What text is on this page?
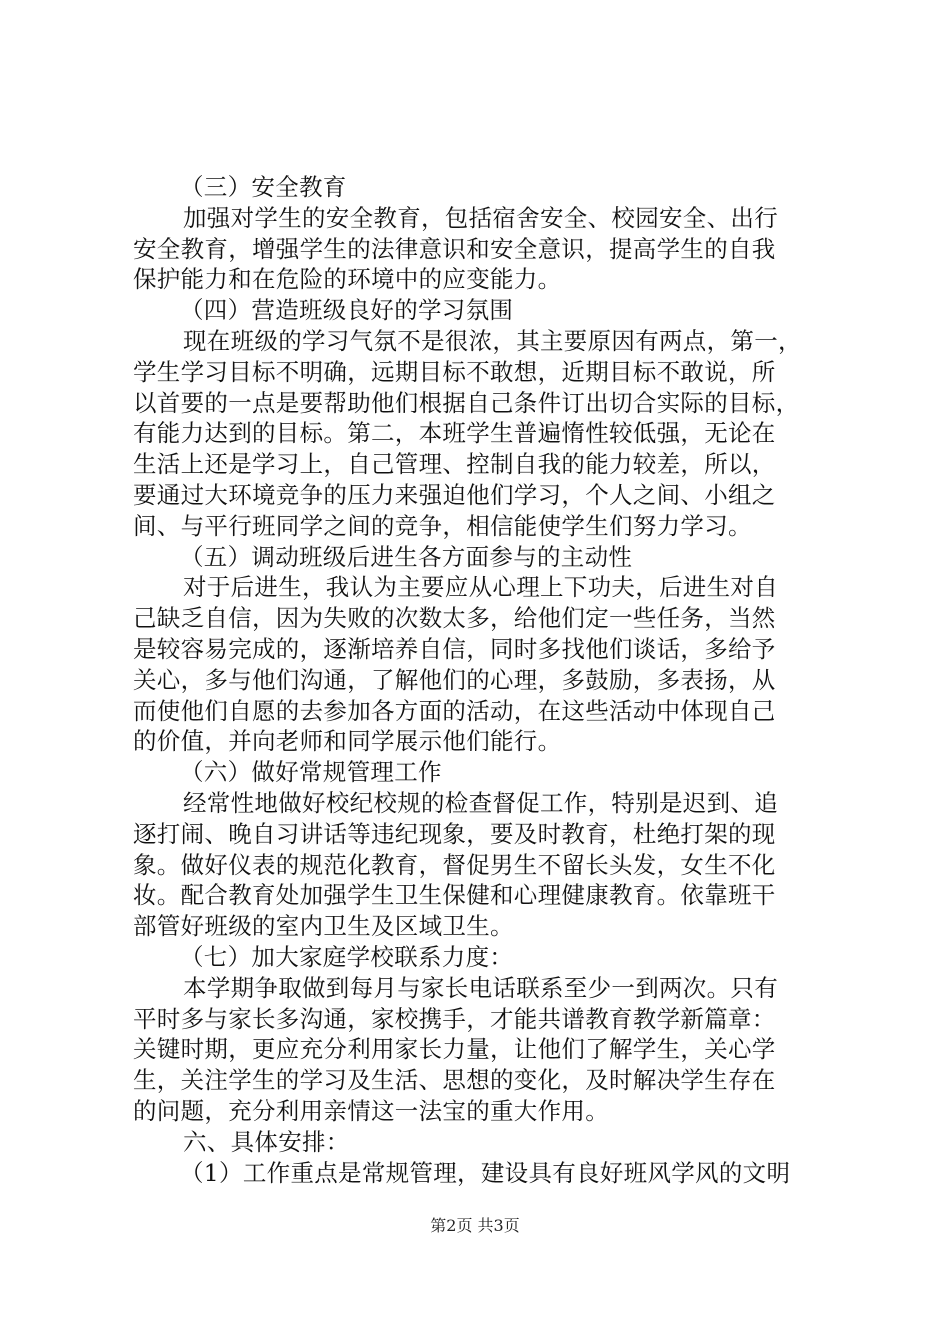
（三）安全教育
加强对学生的安全教育，包括宿舍安全、校园安全、出行
安全教育，增强学生的法律意识和安全意识，提高学生的自我
保护能力和在危险的环境中的应变能力。
（四）营造班级良好的学习氛围
现在班级的学习气氛不是很浓，其主要原因有两点，第一，
学生学习目标不明确，远期目标不敢想，近期目标不敢说，所
以首要的一点是要帮助他们根据自己条件订出切合实际的目标，
有能力达到的目标。第二，本班学生普遍惰性较低强，无论在
生活上还是学习上，自己管理、控制自我的能力较差，所以，
要通过大环境竞争的压力来强迫他们学习，个人之间、小组之
间、与平行班同学之间的竞争，相信能使学生们努力学习。
（五）调动班级后进生各方面参与的主动性
对于后进生，我认为主要应从心理上下功夫，后进生对自
己缺乏自信，因为失败的次数太多，给他们定一些任务，当然
是较容易完成的，逐渐培养自信，同时多找他们谈话，多给予
关心，多与他们沟通，了解他们的心理，多鼓励，多表扬，从
而使他们自愿的去参加各方面的活动，在这些活动中体现自己
的价值，并向老师和同学展示他们能行。
（六）做好常规管理工作
经常性地做好校纪校规的检查督促工作，特别是迟到、追
逐打闹、晚自习讲话等违纪现象，要及时教育，杜绝打架的现
象。做好仪表的规范化教育，督促男生不留长头发，女生不化
妆。配合教育处加强学生卫生保健和心理健康教育。依靠班干
部管好班级的室内卫生及区域卫生。
（七）加大家庭学校联系力度：
本学期争取做到每月与家长电话联系至少一到两次。只有
平时多与家长多沟通，家校携手，才能共谱教育教学新篇章：
关键时期，更应充分利用家长力量，让他们了解学生，关心学
生，关注学生的学习及生活、思想的变化，及时解决学生存在
的问题，充分利用亲情这一法宝的重大作用。
六、具体安排：
（1）工作重点是常规管理，建设具有良好班风学风的文明
第2页 共3页
